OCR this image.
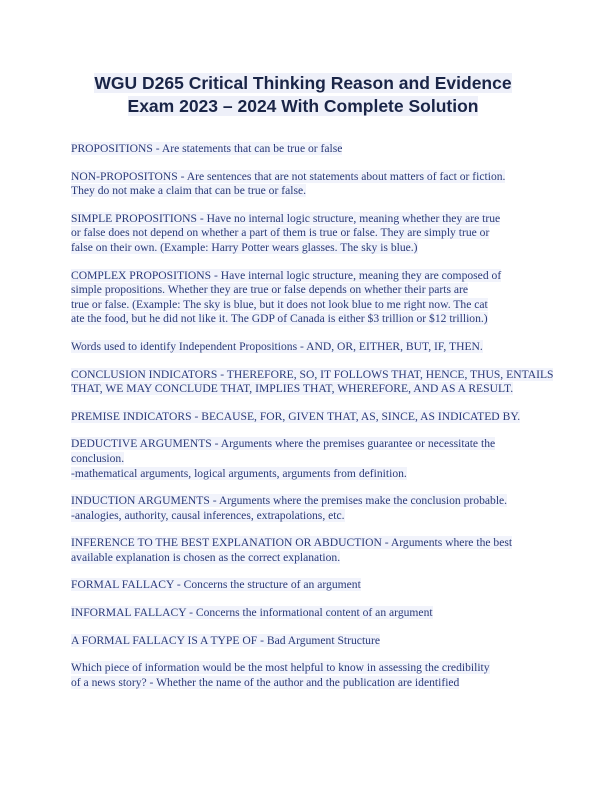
WGU D265 Critical Thinking Reason and Evidence
Exam 2023 – 2024 With Complete Solution
PROPOSITIONS - Are statements that can be true or false
NON-PROPOSITONS - Are sentences that are not statements about matters of fact or fiction.
They do not make a claim that can be true or false.
SIMPLE PROPOSITIONS - Have no internal logic structure, meaning whether they are true
or false does not depend on whether a part of them is true or false. They are simply true or
false on their own. (Example: Harry Potter wears glasses. The sky is blue.)
COMPLEX PROPOSITIONS - Have internal logic structure, meaning they are composed of
simple propositions. Whether they are true or false depends on whether their parts are
true or false. (Example: The sky is blue, but it does not look blue to me right now. The cat
ate the food, but he did not like it. The GDP of Canada is either $3 trillion or $12 trillion.)
Words used to identify Independent Propositions - AND, OR, EITHER, BUT, IF, THEN.
CONCLUSION INDICATORS - THEREFORE, SO, IT FOLLOWS THAT, HENCE, THUS, ENTAILS
THAT, WE MAY CONCLUDE THAT, IMPLIES THAT, WHEREFORE, AND AS A RESULT.
PREMISE INDICATORS - BECAUSE, FOR, GIVEN THAT, AS, SINCE, AS INDICATED BY.
DEDUCTIVE ARGUMENTS - Arguments where the premises guarantee or necessitate the
conclusion.
-mathematical arguments, logical arguments, arguments from definition.
INDUCTION ARGUMENTS - Arguments where the premises make the conclusion probable.
-analogies, authority, causal inferences, extrapolations, etc.
INFERENCE TO THE BEST EXPLANATION OR ABDUCTION - Arguments where the best
available explanation is chosen as the correct explanation.
FORMAL FALLACY - Concerns the structure of an argument
INFORMAL FALLACY - Concerns the informational content of an argument
A FORMAL FALLACY IS A TYPE OF - Bad Argument Structure
Which piece of information would be the most helpful to know in assessing the credibility
of a news story? - Whether the name of the author and the publication are identified
